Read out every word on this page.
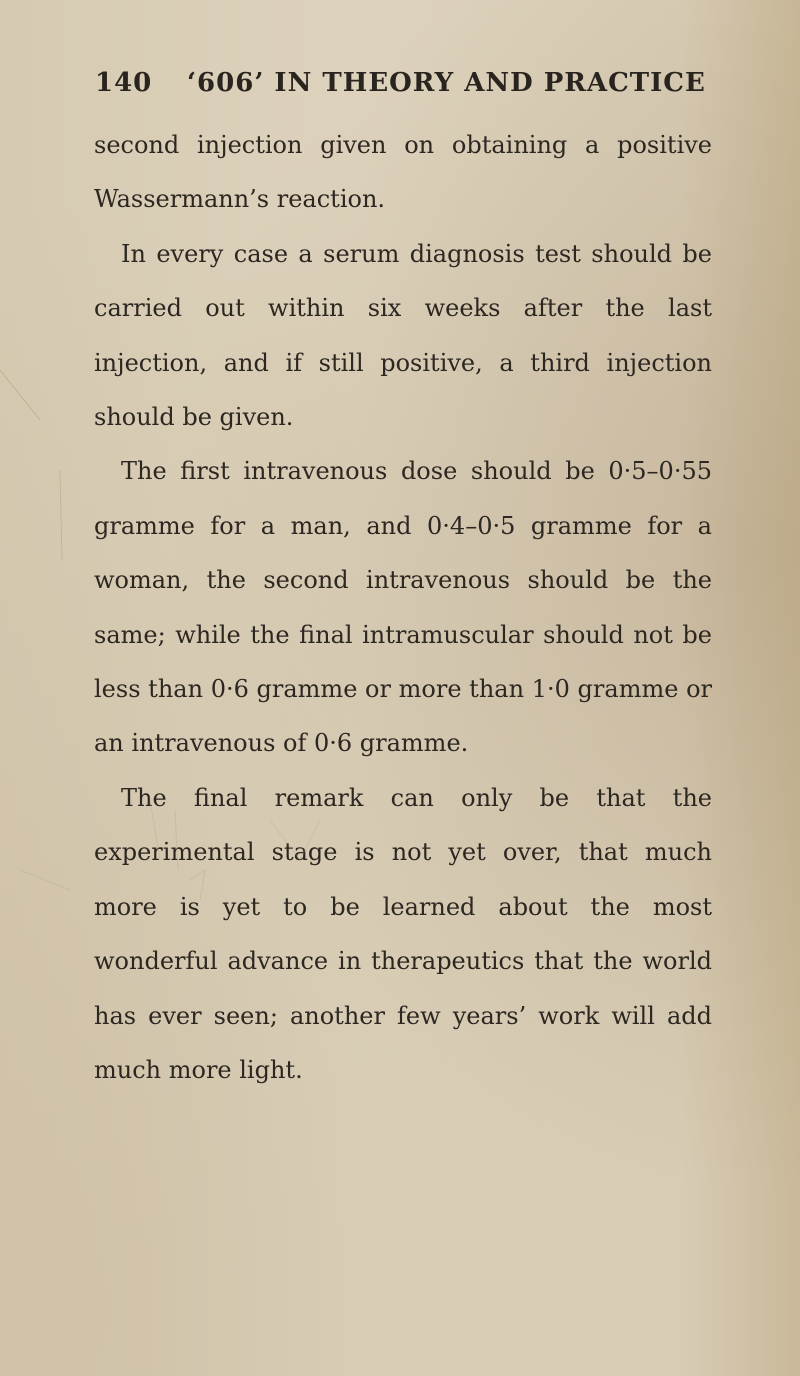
140 ‘606’ IN THEORY AND PRACTICE

second injection given on obtaining a positive Wassermann’s reaction.

In every case a serum diagnosis test should be carried out within six weeks after the last injection, and if still positive, a third injection should be given.

The first intravenous dose should be 0·5–0·55 gramme for a man, and 0·4–0·5 gramme for a woman, the second intravenous should be the same; while the final intramuscular should not be less than 0·6 gramme or more than 1·0 gramme or an intravenous of 0·6 gramme.

The final remark can only be that the experimental stage is not yet over, that much more is yet to be learned about the most wonderful advance in therapeutics that the world has ever seen; another few years’ work will add much more light.
